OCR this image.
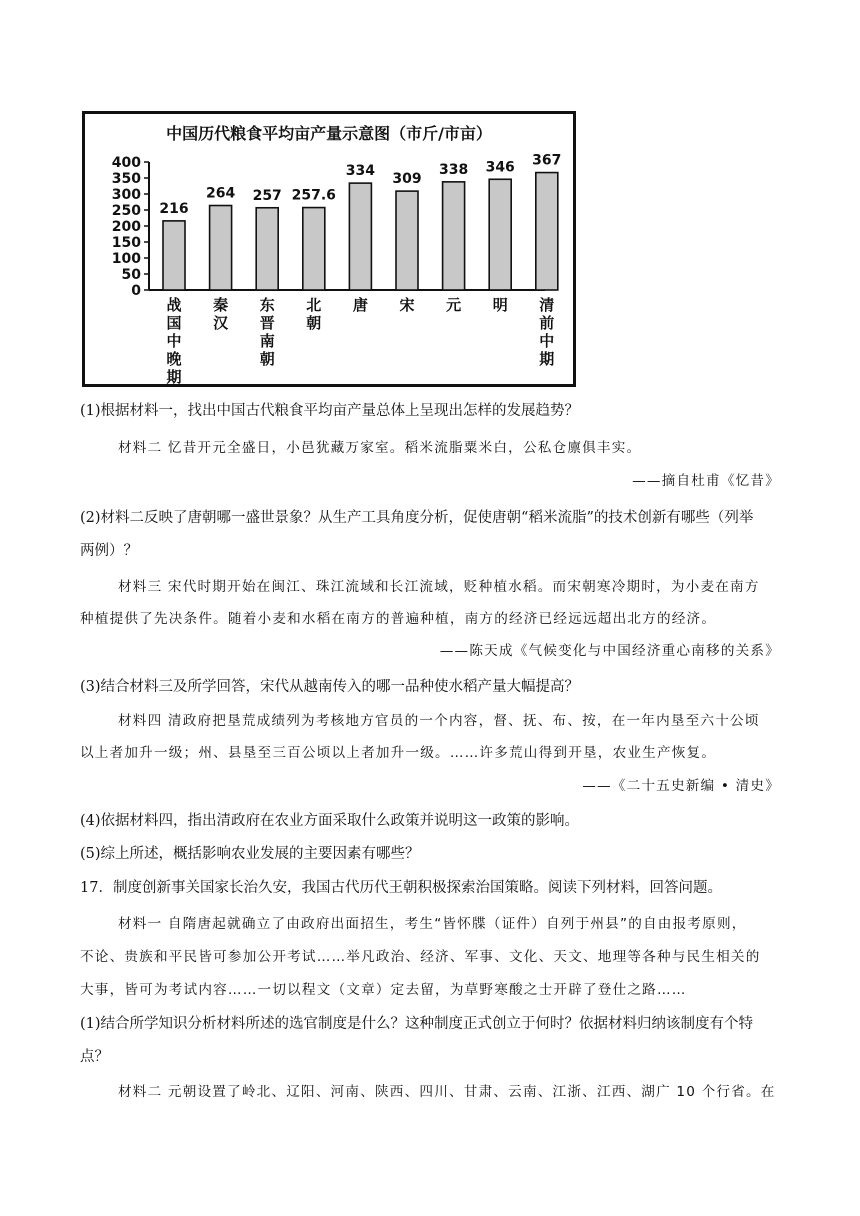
中国历代粮食平均亩产量示意图（市斤/市亩）
400
350
300
250
200
150
100
50
0
216
战国中晚期
264
秦汉
257
东晋南朝
257.6
北朝
334
唐
309
宋
338
元
346
明
367
清前中期
(1)根据材料一，找出中国古代粮食平均亩产量总体上呈现出怎样的发展趋势？
材料二 忆昔开元全盛日，小邑犹藏万家室。稻米流脂粟米白，公私仓廪俱丰实。
——摘自杜甫《忆昔》
(2)材料二反映了唐朝哪一盛世景象？从生产工具角度分析，促使唐朝“稻米流脂”的技术创新有哪些（列举
两例）？
材料三 宋代时期开始在闽江、珠江流域和长江流域，贬种植水稻。而宋朝寒冷期时，为小麦在南方
种植提供了先决条件。随着小麦和水稻在南方的普遍种植，南方的经济已经远远超出北方的经济。
——陈天成《气候变化与中国经济重心南移的关系》
(3)结合材料三及所学回答，宋代从越南传入的哪一品种使水稻产量大幅提高？
材料四 清政府把垦荒成绩列为考核地方官员的一个内容，督、抚、布、按，在一年内垦至六十公顷
以上者加升一级；州、县垦至三百公顷以上者加升一级。……许多荒山得到开垦，农业生产恢复。
——《二十五史新编 • 清史》
(4)依据材料四，指出清政府在农业方面采取什么政策并说明这一政策的影响。
(5)综上所述，概括影响农业发展的主要因素有哪些？
17．制度创新事关国家长治久安，我国古代历代王朝积极探索治国策略。阅读下列材料，回答问题。
材料一 自隋唐起就确立了由政府出面招生，考生“皆怀牒（证件）自列于州县”的自由报考原则，
不论、贵族和平民皆可参加公开考试……举凡政治、经济、军事、文化、天文、地理等各种与民生相关的
大事，皆可为考试内容……一切以程文（文章）定去留，为草野寒酸之士开辟了登仕之路……
(1)结合所学知识分析材料所述的选官制度是什么？这种制度正式创立于何时？依据材料归纳该制度有个特
点？
材料二 元朝设置了岭北、辽阳、河南、陕西、四川、甘肃、云南、江浙、江西、湖广 10 个行省。在
